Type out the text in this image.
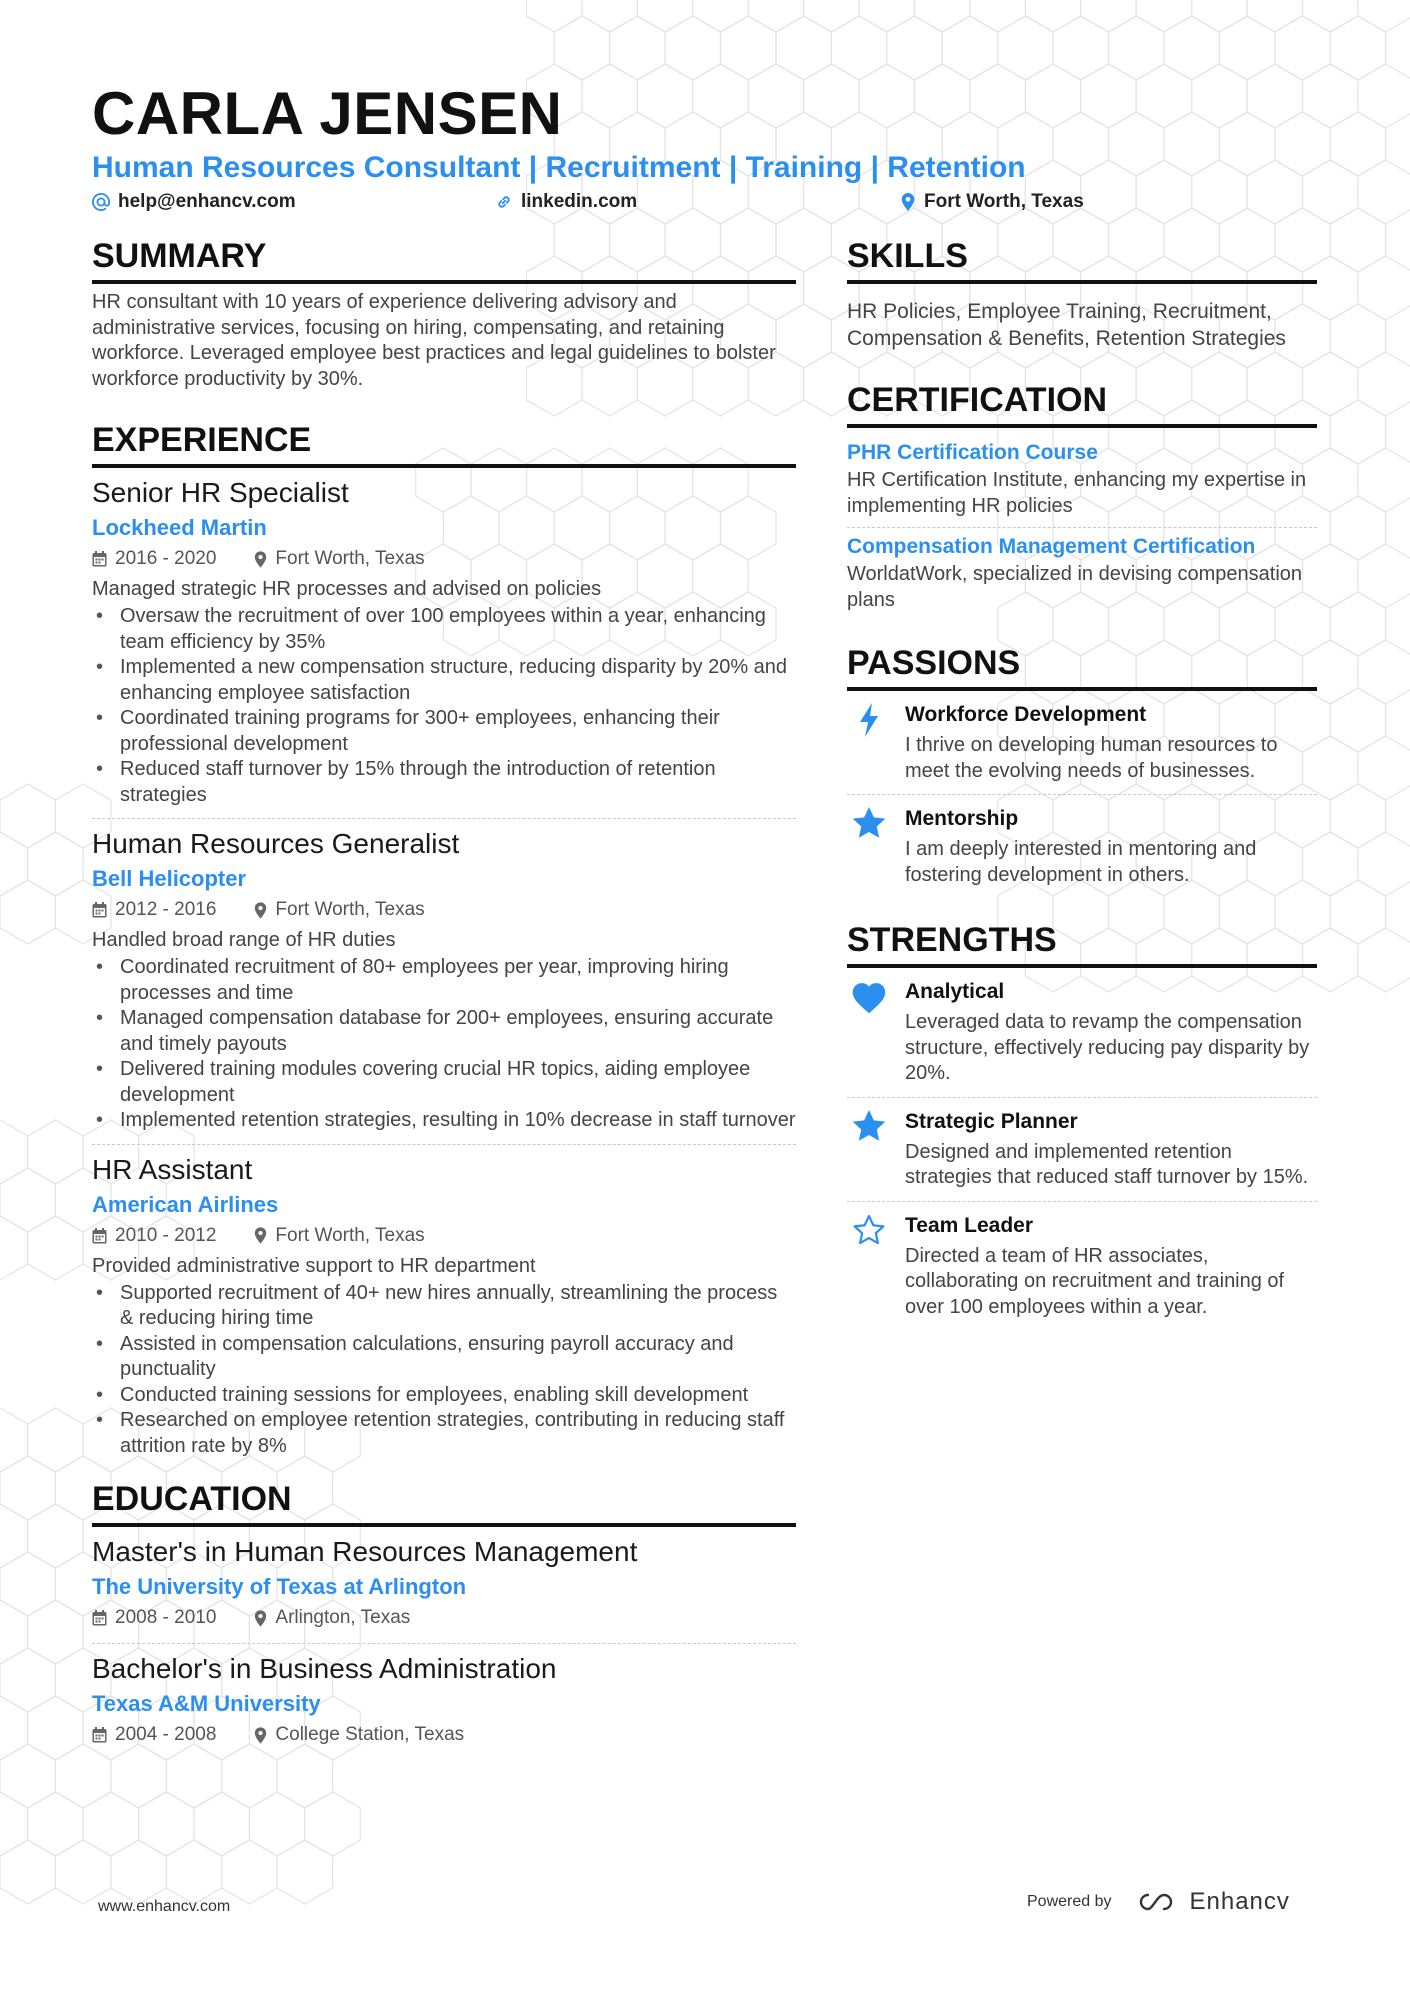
CARLA JENSEN
Human Resources Consultant | Recruitment | Training | Retention
help@enhancv.com	linkedin.com	Fort Worth, Texas
SUMMARY

HR consultant with 10 years of experience delivering advisory and administrative services, focusing on hiring, compensating, and retaining workforce. Leveraged employee best practices and legal guidelines to bolster workforce productivity by 30%.

EXPERIENCE

Senior HR Specialist

Lockheed Martin

2016 - 2020	Fort Worth, Texas

Managed strategic HR processes and advised on policies

• Oversaw the recruitment of over 100 employees within a year, enhancing team efficiency by 35%
• Implemented a new compensation structure, reducing disparity by 20% and enhancing employee satisfaction
• Coordinated training programs for 300+ employees, enhancing their professional development
• Reduced staff turnover by 15% through the introduction of retention strategies

Human Resources Generalist

Bell Helicopter

2012 - 2016	Fort Worth, Texas

Handled broad range of HR duties

• Coordinated recruitment of 80+ employees per year, improving hiring processes and time
• Managed compensation database for 200+ employees, ensuring accurate and timely payouts
• Delivered training modules covering crucial HR topics, aiding employee development
• Implemented retention strategies, resulting in 10% decrease in staff turnover

HR Assistant

American Airlines

2010 - 2012	Fort Worth, Texas

Provided administrative support to HR department

• Supported recruitment of 40+ new hires annually, streamlining the process & reducing hiring time
• Assisted in compensation calculations, ensuring payroll accuracy and punctuality
• Conducted training sessions for employees, enabling skill development
• Researched on employee retention strategies, contributing in reducing staff attrition rate by 8%
EDUCATION

Master's in Human Resources Management

The University of Texas at Arlington

2008 - 2010	Arlington, Texas

Bachelor's in Business Administration

Texas A&M University

2004 - 2008	College Station, Texas
SKILLS

HR Policies, Employee Training, Recruitment, Compensation & Benefits, Retention Strategies

CERTIFICATION

PHR Certification Course

HR Certification Institute, enhancing my expertise in implementing HR policies

Compensation Management Certification

WorldatWork, specialized in devising compensation plans

PASSIONS

Workforce Development

I thrive on developing human resources to meet the evolving needs of businesses.

Mentorship

I am deeply interested in mentoring and fostering development in others.

STRENGTHS

Analytical

Leveraged data to revamp the compensation structure, effectively reducing pay disparity by 20%.

Strategic Planner

Designed and implemented retention strategies that reduced staff turnover by 15%.

Team Leader

Directed a team of HR associates, collaborating on recruitment and training of over 100 employees within a year.

www.enhancv.com	Powered by	Enhancv
